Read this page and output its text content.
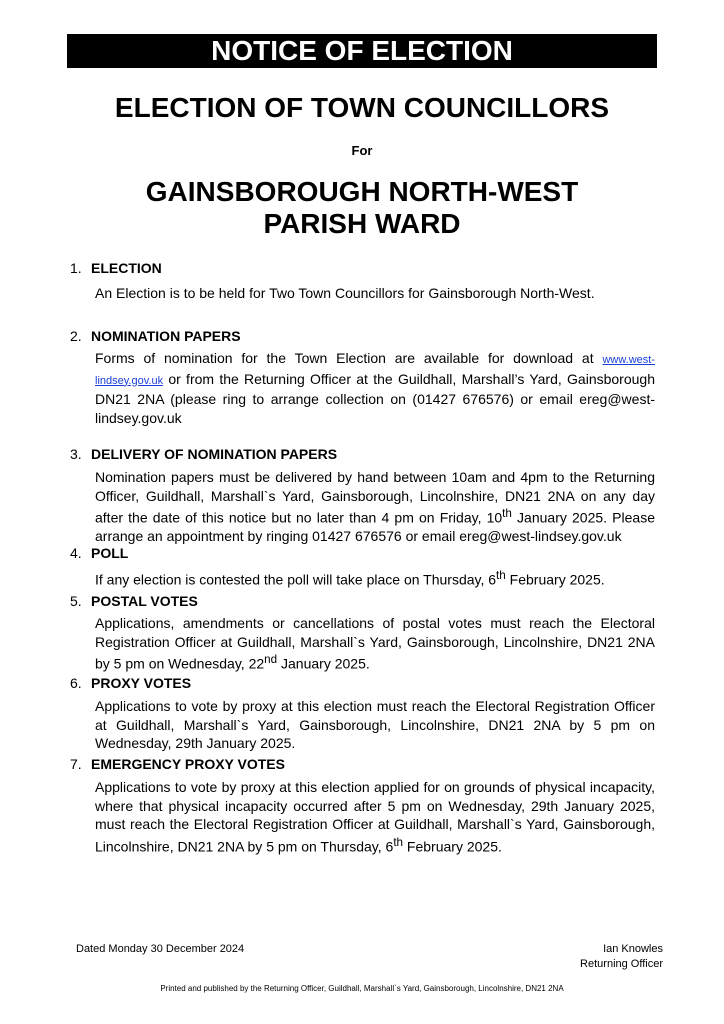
NOTICE OF ELECTION
ELECTION OF TOWN COUNCILLORS
For
GAINSBOROUGH NORTH-WEST
PARISH WARD
1. ELECTION
An Election is to be held for Two Town Councillors for Gainsborough North-West.
2. NOMINATION PAPERS
Forms of nomination for the Town Election are available for download at www.west-lindsey.gov.uk or from the Returning Officer at the Guildhall, Marshall’s Yard, Gainsborough DN21 2NA (please ring to arrange collection on (01427 676576) or email ereg@west-lindsey.gov.uk
3. DELIVERY OF NOMINATION PAPERS
Nomination papers must be delivered by hand between 10am and 4pm to the Returning Officer, Guildhall, Marshall`s Yard, Gainsborough, Lincolnshire, DN21 2NA on any day after the date of this notice but no later than 4 pm on Friday, 10th January 2025. Please arrange an appointment by ringing 01427 676576 or email ereg@west-lindsey.gov.uk
4. POLL
If any election is contested the poll will take place on Thursday, 6th February 2025.
5. POSTAL VOTES
Applications, amendments or cancellations of postal votes must reach the Electoral Registration Officer at Guildhall, Marshall`s Yard, Gainsborough, Lincolnshire, DN21 2NA by 5 pm on Wednesday, 22nd January 2025.
6. PROXY VOTES
Applications to vote by proxy at this election must reach the Electoral Registration Officer at Guildhall, Marshall`s Yard, Gainsborough, Lincolnshire, DN21 2NA by 5 pm on Wednesday, 29th January 2025.
7. EMERGENCY PROXY VOTES
Applications to vote by proxy at this election applied for on grounds of physical incapacity, where that physical incapacity occurred after 5 pm on Wednesday, 29th January 2025, must reach the Electoral Registration Officer at Guildhall, Marshall`s Yard, Gainsborough, Lincolnshire, DN21 2NA by 5 pm on Thursday, 6th February 2025.
Dated Monday 30 December 2024	Ian Knowles
Returning Officer
Printed and published by the Returning Officer, Guildhall, Marshall`s Yard, Gainsborough, Lincolnshire, DN21 2NA
